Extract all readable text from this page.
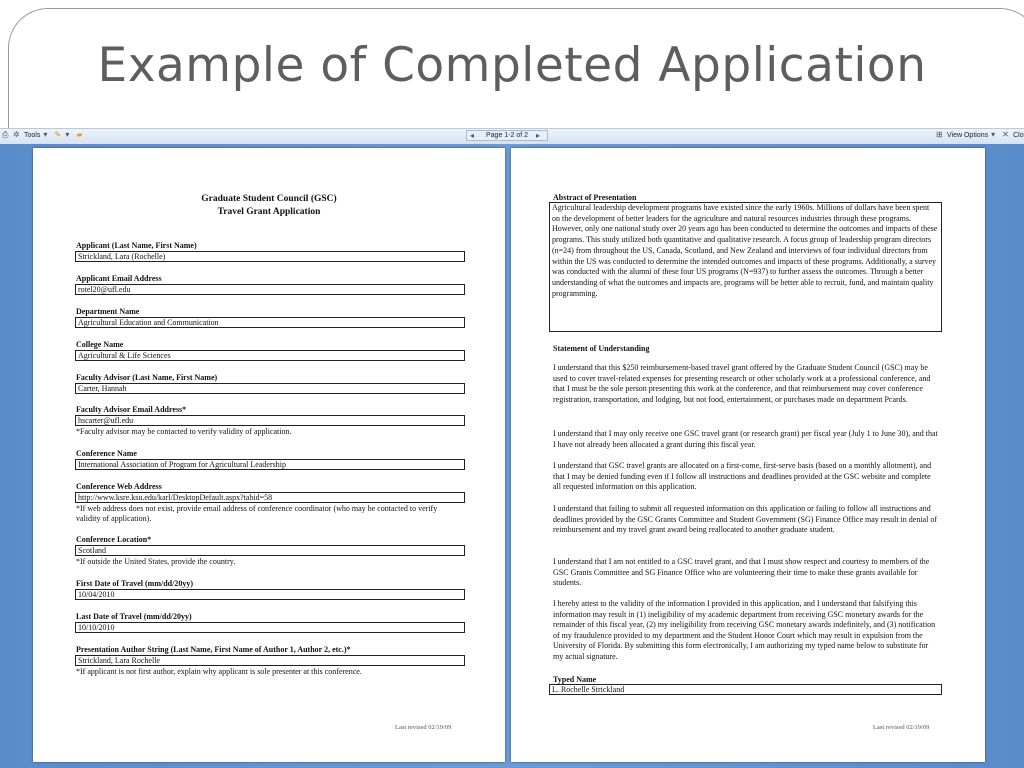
Example of Completed Application
⎙ ✲ Tools ▾ ✎ ▾ ▰	◂	Page 1-2 of 2 ▸	⊞ View Options ▾ ✕ Clo
Graduate Student Council (GSC)
Travel Grant Application
Applicant (Last Name, First Name)
Strickland, Lara (Rochelle)
Applicant Email Address
rotel20@ufl.edu
Department Name
Agricultural Education and Communication
College Name
Agricultural & Life Sciences
Faculty Advisor (Last Name, First Name)
Carter, Hannah
Faculty Advisor Email Address*
hscarter@ufl.edu
*Faculty advisor may be contacted to verify validity of application.
Conference Name
International Association of Program for Agricultural Leadership
Conference Web Address
http://www.ksre.ksu.edu/karl/DesktopDefault.aspx?tabid=58
*If web address does not exist, provide email address of conference coordinator (who may be contacted to verify validity of application).
Conference Location*
Scotland
*If outside the United States, provide the country.
First Date of Travel (mm/dd/20yy)
10/04/2010
Last Date of Travel (mm/dd/20yy)
10/10/2010
Presentation Author String (Last Name, First Name of Author 1, Author 2, etc.)*
Strickland, Lara Rochelle
*If applicant is not first author, explain why applicant is sole presenter at this conference.
Last revised 02/19/09
Abstract of Presentation
Agricultural leadership development programs have existed since the early 1960s. Millions of dollars have been spent on the development of better leaders for the agriculture and natural resources industries through these programs. However, only one national study over 20 years ago has been conducted to determine the outcomes and impacts of these programs. This study utilized both quantitative and qualitative research. A focus group of leadership program directors (n=24) from throughout the US, Canada, Scotland, and New Zealand and interviews of four individual directors from within the US was conducted to determine the intended outcomes and impacts of these programs. Additionally, a survey was conducted with the alumni of these four US programs (N=937) to further assess the outcomes. Through a better understanding of what the outcomes and impacts are, programs will be better able to recruit, fund, and maintain quality programming.
Statement of Understanding
I understand that this $250 reimbursement-based travel grant offered by the Graduate Student Council (GSC) may be used to cover travel-related expenses for presenting research or other scholarly work at a professional conference, and that I must be the sole person presenting this work at the conference, and that reimbursement may cover conference registration, transportation, and lodging, but not food, entertainment, or purchases made on department Pcards.
I understand that I may only receive one GSC travel grant (or research grant) per fiscal year (July 1 to June 30), and that I have not already been allocated a grant during this fiscal year.
I understand that GSC travel grants are allocated on a first-come, first-serve basis (based on a monthly allotment), and that I may be denied funding even if I follow all instructions and deadlines provided at the GSC website and complete all requested information on this application.
I understand that failing to submit all requested information on this application or failing to follow all instructions and deadlines provided by the GSC Grants Committee and Student Government (SG) Finance Office may result in denial of reimbursement and my travel grant award being reallocated to another graduate student.
I understand that I am not entitled to a GSC travel grant, and that I must show respect and courtesy to members of the GSC Grants Committee and SG Finance Office who are volunteering their time to make these grants available for students.
I hereby attest to the validity of the information I provided in this application, and I understand that falsifying this information may result in (1) ineligibility of my academic department from receiving GSC monetary awards for the remainder of this fiscal year, (2) my ineligibility from receiving GSC monetary awards indefinitely, and (3) notification of my fraudulence provided to my department and the Student Honor Court which may result in expulsion from the University of Florida. By submitting this form electronically, I am authorizing my typed name below to substitute for my actual signature.
Typed Name
L. Rochelle Strickland
Last revised 02/19/09
